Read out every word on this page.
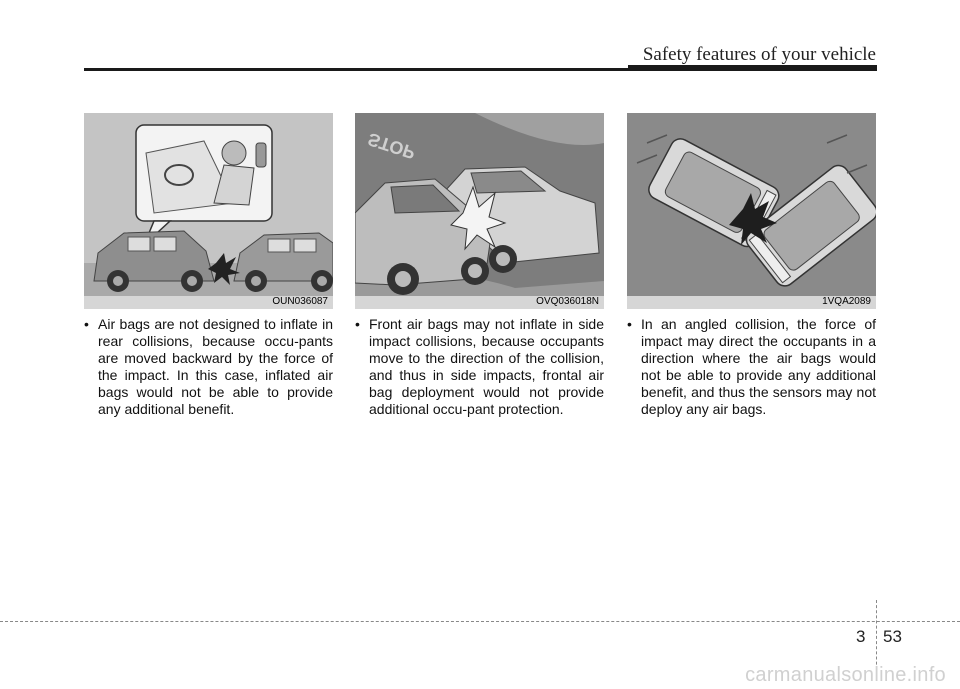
Safety features of your vehicle
OUN036087
STOP
OVQ036018N	1VQA2089
• Air bags are not designed to inflate in rear collisions, because occu-pants are moved backward by the force of the impact. In this case, inflated air bags would not be able to provide any additional benefit.
• Front air bags may not inflate in side impact collisions, because occupants move to the direction of the collision, and thus in side impacts, frontal air bag deployment would not provide additional occu-pant protection.
• In an angled collision, the force of impact may direct the occupants in a direction where the air bags would not be able to provide any additional benefit, and thus the sensors may not deploy any air bags.
3 53
carmanualsonline.info
